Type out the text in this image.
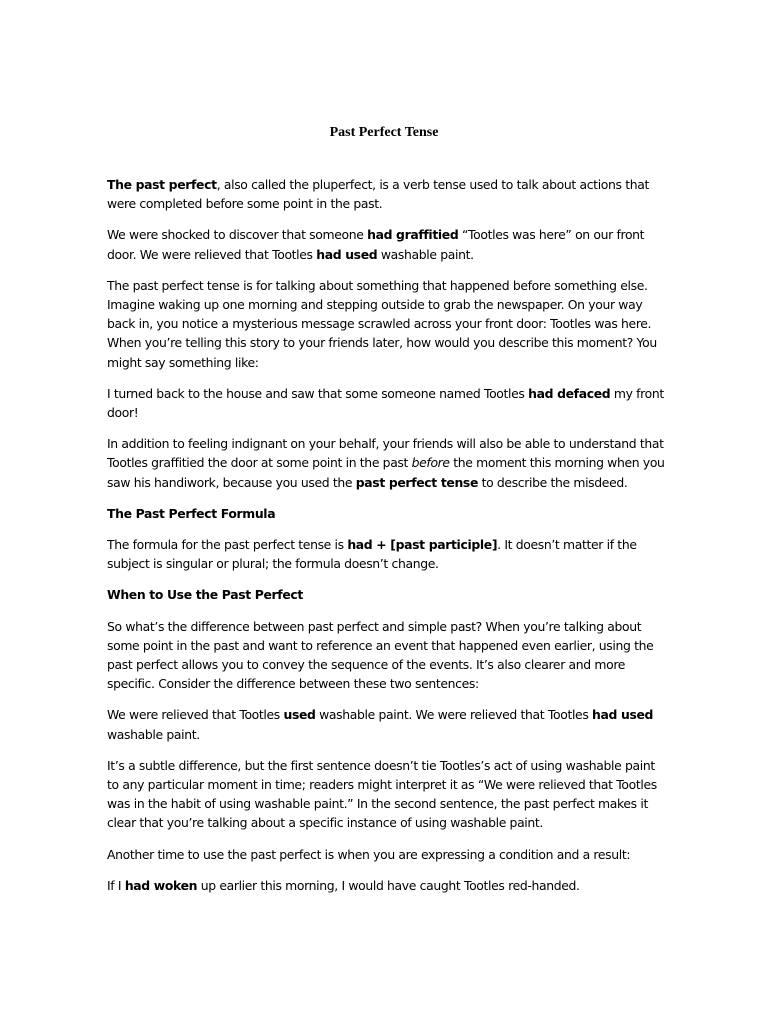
Past Perfect Tense

The past perfect, also called the pluperfect, is a verb tense used to talk about actions that were completed before some point in the past.

We were shocked to discover that someone had graffitied “Tootles was here” on our front door. We were relieved that Tootles had used washable paint.

The past perfect tense is for talking about something that happened before something else. Imagine waking up one morning and stepping outside to grab the newspaper. On your way back in, you notice a mysterious message scrawled across your front door: Tootles was here. When you’re telling this story to your friends later, how would you describe this moment? You might say something like:

I turned back to the house and saw that some someone named Tootles had defaced my front door!

In addition to feeling indignant on your behalf, your friends will also be able to understand that Tootles graffitied the door at some point in the past before the moment this morning when you saw his handiwork, because you used the past perfect tense to describe the misdeed.

The Past Perfect Formula

The formula for the past perfect tense is had + [past participle]. It doesn’t matter if the subject is singular or plural; the formula doesn’t change.

When to Use the Past Perfect

So what’s the difference between past perfect and simple past? When you’re talking about some point in the past and want to reference an event that happened even earlier, using the past perfect allows you to convey the sequence of the events. It’s also clearer and more specific. Consider the difference between these two sentences:

We were relieved that Tootles used washable paint. We were relieved that Tootles had used washable paint.

It’s a subtle difference, but the first sentence doesn’t tie Tootles’s act of using washable paint to any particular moment in time; readers might interpret it as “We were relieved that Tootles was in the habit of using washable paint.” In the second sentence, the past perfect makes it clear that you’re talking about a specific instance of using washable paint.

Another time to use the past perfect is when you are expressing a condition and a result:

If I had woken up earlier this morning, I would have caught Tootles red-handed.
